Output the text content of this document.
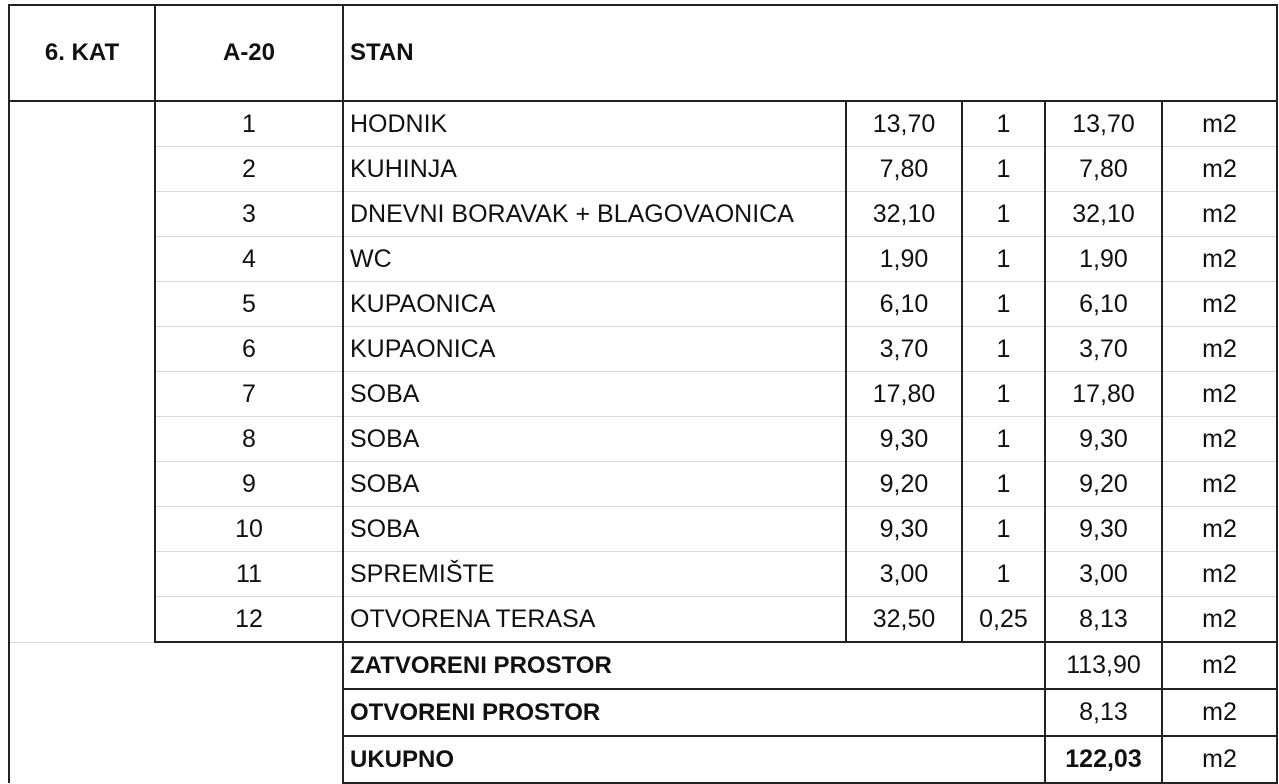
6. KAT	A-20	STAN				
	1	HODNIK	13,70	1	13,70	m2
	2	KUHINJA	7,80	1	7,80	m2
	3	DNEVNI BORAVAK + BLAGOVAONICA	32,10	1	32,10	m2
	4	WC	1,90	1	1,90	m2
	5	KUPAONICA	6,10	1	6,10	m2
	6	KUPAONICA	3,70	1	3,70	m2
	7	SOBA	17,80	1	17,80	m2
	8	SOBA	9,30	1	9,30	m2
	9	SOBA	9,20	1	9,20	m2
	10	SOBA	9,30	1	9,30	m2
	11	SPREMIŠTE	3,00	1	3,00	m2
	12	OTVORENA TERASA	32,50	0,25	8,13	m2
		ZATVORENI PROSTOR			113,90	m2
		OTVORENI PROSTOR			8,13	m2
		UKUPNO			122,03	m2
